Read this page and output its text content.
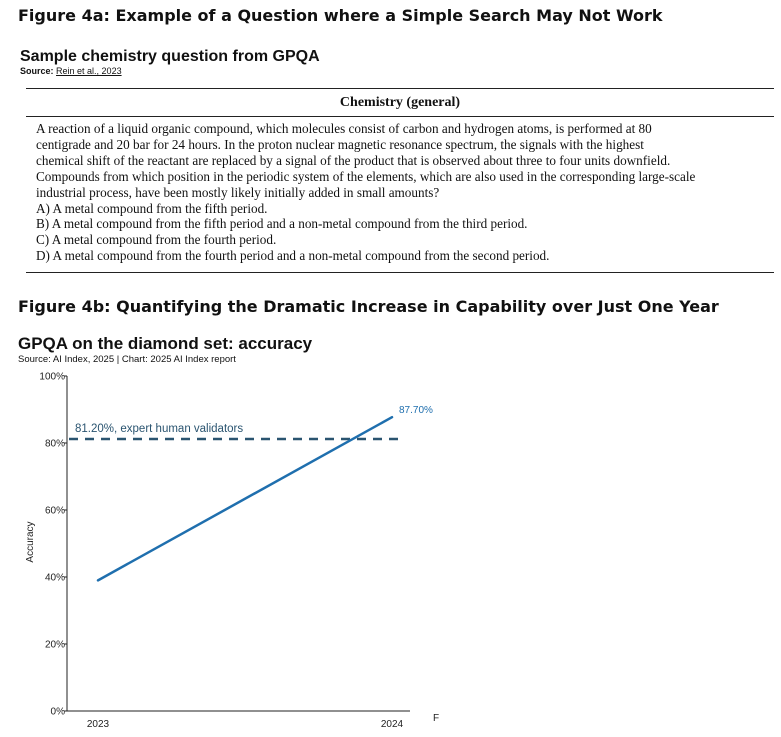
Figure 4a: Example of a Question where a Simple Search May Not Work
Sample chemistry question from GPQA
Source: Rein et al., 2023
Chemistry (general)
A reaction of a liquid organic compound, which molecules consist of carbon and hydrogen atoms, is performed at 80
centigrade and 20 bar for 24 hours. In the proton nuclear magnetic resonance spectrum, the signals with the highest
chemical shift of the reactant are replaced by a signal of the product that is observed about three to four units downfield.
Compounds from which position in the periodic system of the elements, which are also used in the corresponding large-scale
industrial process, have been mostly likely initially added in small amounts?
A) A metal compound from the fifth period.
B) A metal compound from the fifth period and a non-metal compound from the third period.
C) A metal compound from the fourth period.
D) A metal compound from the fourth period and a non-metal compound from the second period.
Figure 4b: Quantifying the Dramatic Increase in Capability over Just One Year
GPQA on the diamond set: accuracy
Source: AI Index, 2025 | Chart: 2025 AI Index report
0%
20%
40%
60%
80%
100%
2023	2024
Accuracy
81.20%, expert human validators
87.70%
F
